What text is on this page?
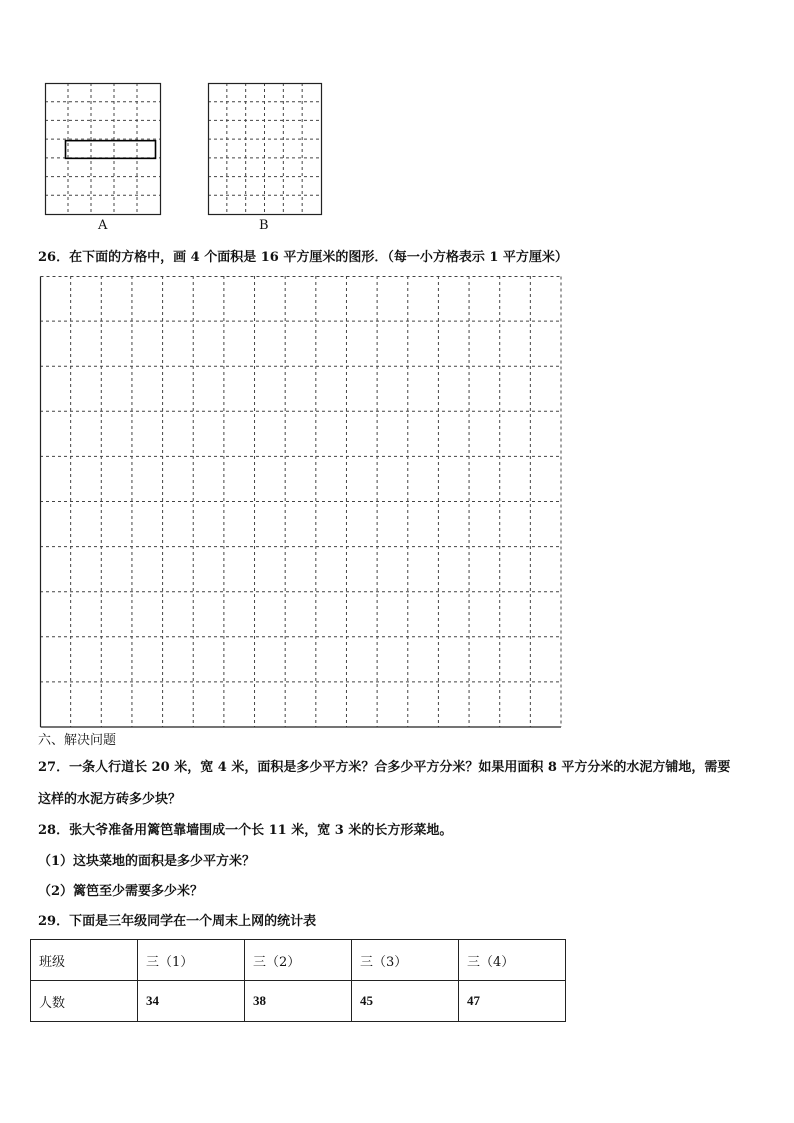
A	B
26．在下面的方格中，画 4 个面积是 16 平方厘米的图形．（每一小方格表示 1 平方厘米）
六、解决问题
27．一条人行道长 20 米，宽 4 米，面积是多少平方米？合多少平方分米？如果用面积 8 平方分米的水泥方铺地，需要
这样的水泥方砖多少块？
28．张大爷准备用篱笆靠墙围成一个长 11 米，宽 3 米的长方形菜地。
（1）这块菜地的面积是多少平方米？
（2）篱笆至少需要多少米？
29．下面是三年级同学在一个周末上网的统计表
班级	三（1）	三（2）	三（3）	三（4）
人数	34	38	45	47
